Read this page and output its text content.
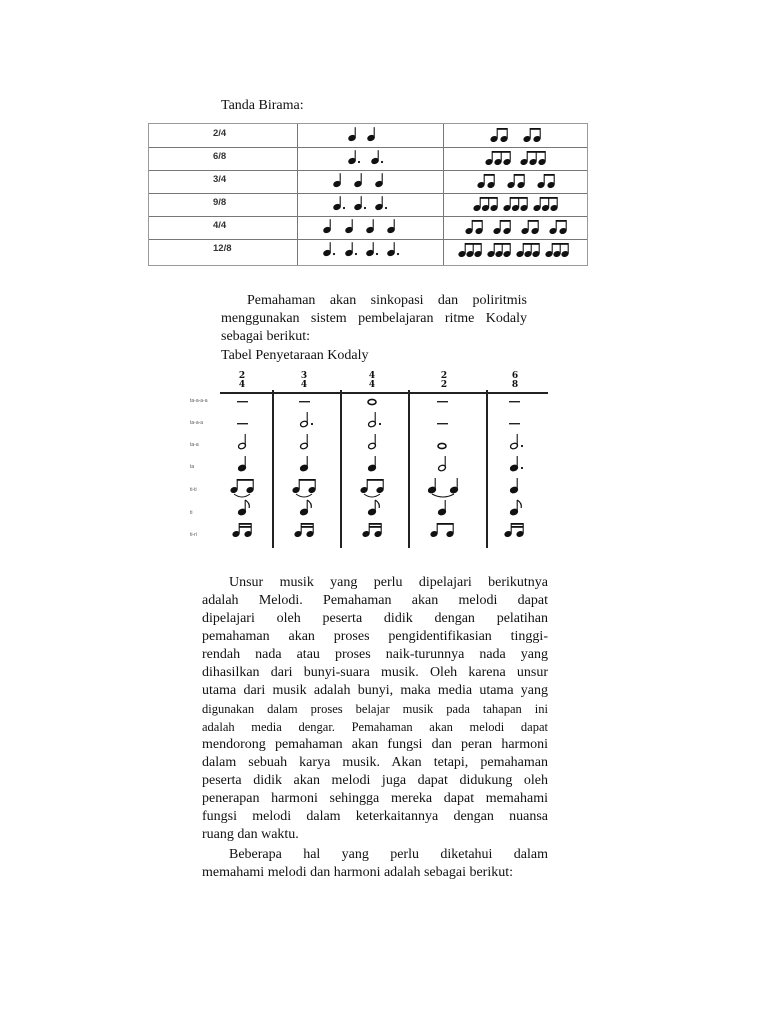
Tanda Birama:
2/4
6/8
3/4
9/8
4/4
12/8
Pemahaman akan sinkopasi dan poliritmis
menggunakan sistem pembelajaran ritme Kodaly
sebagai berikut:
Tabel Penyetaraan Kodaly
2
4
3
4
4
4
2
2
6
8
ta-a-a-a
ta-a-a
ta-a
ta
ti-ti
ti
ti-ri
Unsur musik yang perlu dipelajari berikutnya
adalah Melodi. Pemahaman akan melodi dapat
dipelajari oleh peserta didik dengan pelatihan
pemahaman akan proses pengidentifikasian tinggi-
rendah nada atau proses naik-turunnya nada yang
dihasilkan dari bunyi-suara musik. Oleh karena unsur
utama dari musik adalah bunyi, maka media utama yang
digunakan dalam proses belajar musik pada tahapan ini
adalah media dengar. Pemahaman akan melodi dapat
mendorong pemahaman akan fungsi dan peran harmoni
dalam sebuah karya musik. Akan tetapi, pemahaman
peserta didik akan melodi juga dapat didukung oleh
penerapan harmoni sehingga mereka dapat memahami
fungsi melodi dalam keterkaitannya dengan nuansa
ruang dan waktu.
Beberapa hal yang perlu diketahui dalam
memahami melodi dan harmoni adalah sebagai berikut:
